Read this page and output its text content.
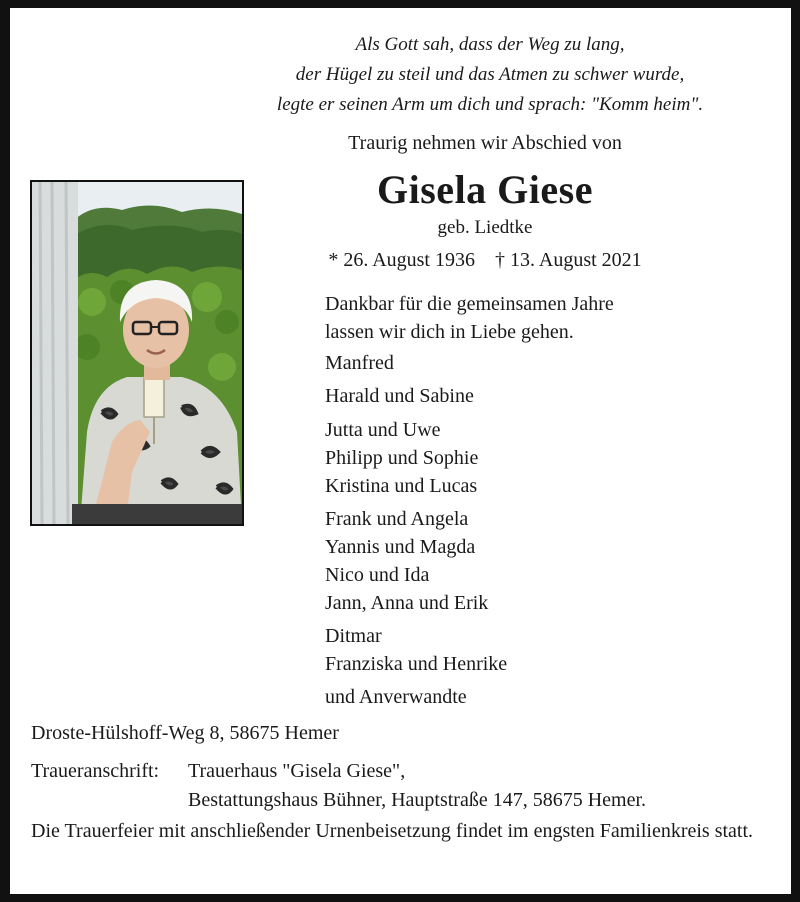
Als Gott sah, dass der Weg zu lang,
der Hügel zu steil und das Atmen zu schwer wurde,
legte er seinen Arm um dich und sprach: "Komm heim".
Traurig nehmen wir Abschied von
Gisela Giese
geb. Liedtke
* 26. August 1936 † 13. August 2021
Dankbar für die gemeinsamen Jahre
lassen wir dich in Liebe gehen.
Manfred
Harald und Sabine
Jutta und Uwe
Philipp und Sophie
Kristina und Lucas
Frank und Angela
Yannis und Magda
Nico und Ida
Jann, Anna und Erik
Ditmar
Franziska und Henrike
und Anverwandte
Droste-Hülshoff-Weg 8, 58675 Hemer
Traueranschrift: Trauerhaus "Gisela Giese",
Bestattungshaus Bühner, Hauptstraße 147, 58675 Hemer.
Die Trauerfeier mit anschließender Urnenbeisetzung findet im engsten Familienkreis statt.
